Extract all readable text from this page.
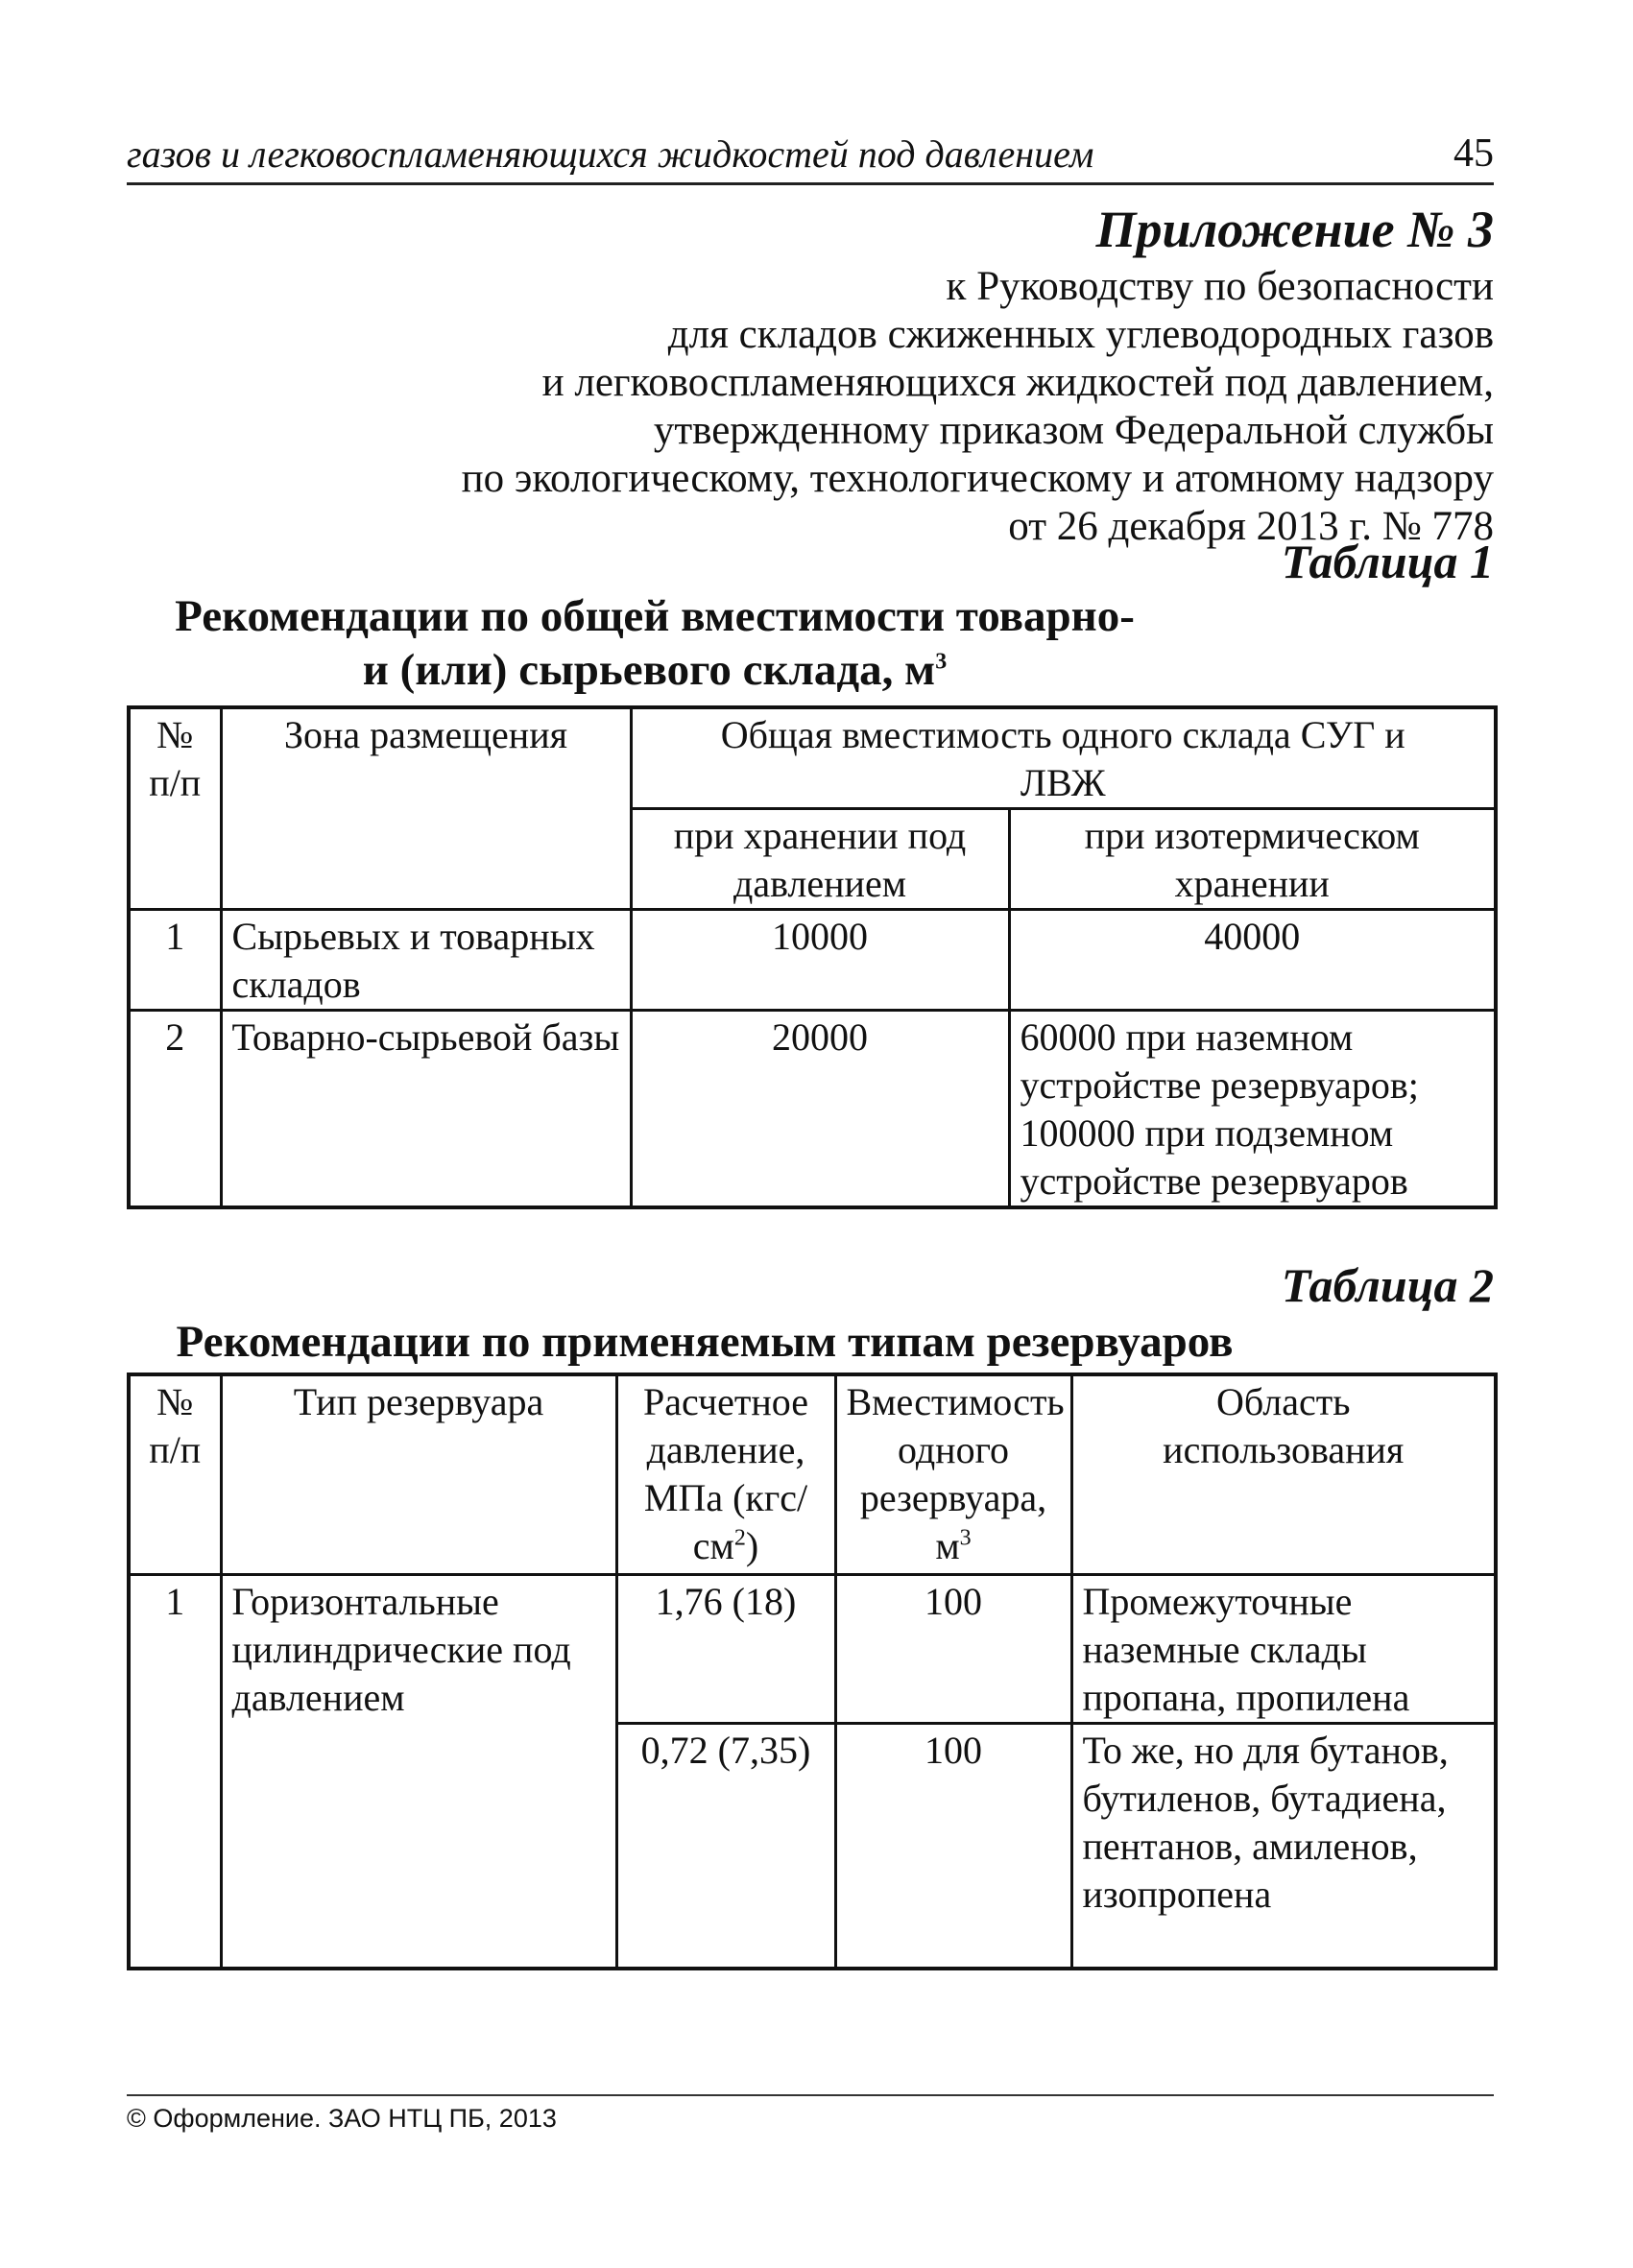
газов и легковоспламеняющихся жидкостей под давлением	45
Приложение № 3
к Руководству по безопасности
для складов сжиженных углеводородных газов
и легковоспламеняющихся жидкостей под давлением,
утвержденному приказом Федеральной службы
по экологическому, технологическому и атомному надзору
от 26 декабря 2013 г. № 778
Таблица 1
Рекомендации по общей вместимости товарно-
и (или) сырьевого склада, $м^3$
№ п/п	Зона размещения	Общая вместимость одного склада СУГ и ЛВЖ	
		при хранении под давлением	при изотермическом хранении
1	Сырьевых и товарных складов	10000	40000
2	Товарно-сырьевой базы	20000	60000 при наземном устройстве резервуаров; 100000 при подземном устройстве резервуаров
Таблица 2
Рекомендации по применяемым типам резервуаров
№ п/п	Тип резервуара	Расчетное давление, МПа $(кгс/см^2)$	Вместимость одного резервуара, $м^3$	Область использования
1	Горизонтальные цилиндрические под давлением	1,76 (18)	100	Промежуточные наземные склады пропана, пропилена
		0,72 (7,35)	100	То же, но для бутанов, бутиленов, бутадиена, пентанов, амиленов, изопропена
© Оформление. ЗАО НТЦ ПБ, 2013
